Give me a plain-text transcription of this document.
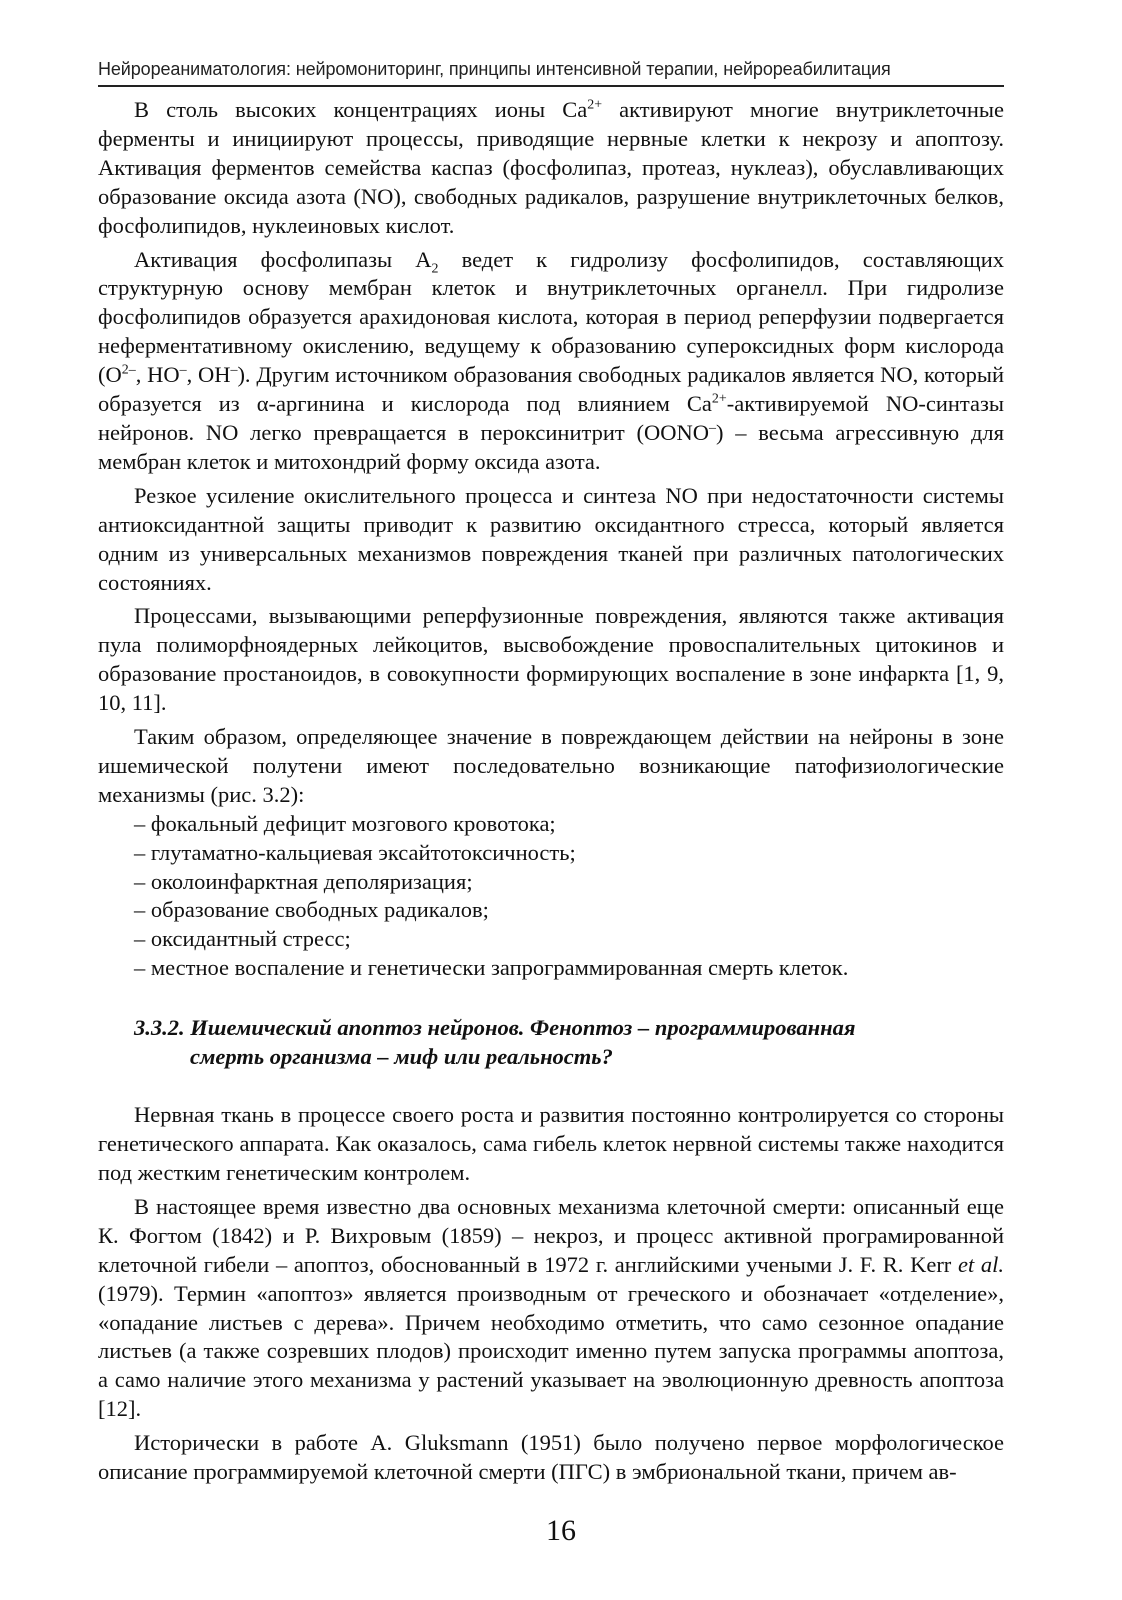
Нейрореаниматология: нейромониторинг, принципы интенсивной терапии, нейрореабилитация

В столь высоких концентрациях ионы $Ca^{2+}$ активируют многие внутриклеточные ферменты и инициируют процессы, приводящие нервные клетки к некрозу и апоптозу. Активация ферментов семейства каспаз (фосфолипаз, протеаз, нуклеаз), обуславливающих образование оксида азота (NO), свободных радикалов, разрушение внутриклеточных белков, фосфолипидов, нуклеиновых кислот.

Активация фосфолипазы $A_2$ ведет к гидролизу фосфолипидов, составляющих структурную основу мембран клеток и внутриклеточных органелл. При гидролизе фосфолипидов образуется арахидоновая кислота, которая в период реперфузии подвергается неферментативному окислению, ведущему к образованию супероксидных форм кислорода ($O^{2-}$, HO–, OH–). Другим источником образования свободных радикалов является NO, который образуется из α-аргинина и кислорода под влиянием $Ca^{2+}$-активируемой NO-синтазы нейронов. NO легко превращается в пероксинитрит (OONO–) – весьма агрессивную для мембран клеток и митохондрий форму оксида азота.

Резкое усиление окислительного процесса и синтеза NO при недостаточности системы антиоксидантной защиты приводит к развитию оксидантного стресса, который является одним из универсальных механизмов повреждения тканей при различных патологических состояниях.

Процессами, вызывающими реперфузионные повреждения, являются также активация пула полиморфноядерных лейкоцитов, высвобождение провоспалительных цитокинов и образование простаноидов, в совокупности формирующих воспаление в зоне инфаркта [1, 9, 10, 11].

Таким образом, определяющее значение в повреждающем действии на нейроны в зоне ишемической полутени имеют последовательно возникающие патофизиологические механизмы (рис. 3.2):

– фокальный дефицит мозгового кровотока;
– глутаматно-кальциевая эксайтотоксичность;
– околоинфарктная деполяризация;
– образование свободных радикалов;
– оксидантный стресс;
– местное воспаление и генетически запрограммированная смерть клеток.
3.3.2. Ишемический апоптоз нейронов. Феноптоз – программированная
смерть организма – миф или реальность?

Нервная ткань в процессе своего роста и развития постоянно контролируется со стороны генетического аппарата. Как оказалось, сама гибель клеток нервной системы также находится под жестким генетическим контролем.

В настоящее время известно два основных механизма клеточной смерти: описанный еще К. Фогтом (1842) и Р. Вихровым (1859) – некроз, и процесс активной програмированной клеточной гибели – апоптоз, обоснованный в 1972 г. английскими учеными J. F. R. Kerr et al. (1979). Термин «апоптоз» является производным от греческого и обозначает «отделение», «опадание листьев с дерева». Причем необходимо отметить, что само сезонное опадание листьев (а также созревших плодов) происходит именно путем запуска программы апоптоза, а само наличие этого механизма у растений указывает на эволюционную древность апоптоза [12].

Исторически в работе A. Gluksmann (1951) было получено первое морфологическое описание программируемой клеточной смерти (ПГС) в эмбриональной ткани, причем ав-

16
